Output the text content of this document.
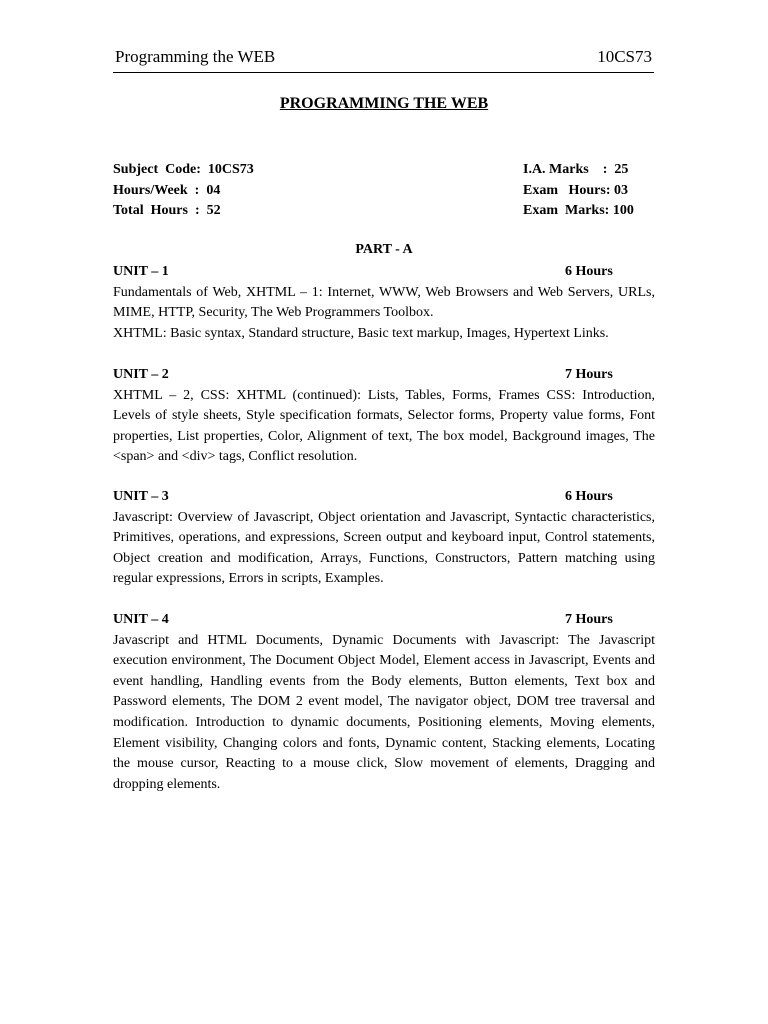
Programming the WEB	10CS73
PROGRAMMING THE WEB
Subject  Code:  10CS73
Hours/Week  :  04
Total  Hours  :  52
I.A. Marks    :  25
Exam   Hours: 03
Exam  Marks: 100
PART - A
UNIT – 1	6 Hours

Fundamentals of Web, XHTML – 1: Internet, WWW, Web Browsers and Web Servers, URLs, MIME, HTTP, Security, The Web Programmers Toolbox.

XHTML: Basic syntax, Standard structure, Basic text markup, Images, Hypertext Links.

UNIT – 2	7 Hours

XHTML – 2, CSS: XHTML (continued): Lists, Tables, Forms, Frames CSS: Introduction, Levels of style sheets, Style specification formats, Selector forms, Property value forms, Font properties, List properties, Color, Alignment of text, The box model, Background images, The <span> and <div> tags, Conflict resolution.

UNIT – 3	6 Hours

Javascript: Overview of Javascript, Object orientation and Javascript, Syntactic characteristics, Primitives, operations, and expressions, Screen output and keyboard input, Control statements, Object creation and modification, Arrays, Functions, Constructors, Pattern matching using regular expressions, Errors in scripts, Examples.

UNIT – 4	7 Hours

Javascript and HTML Documents, Dynamic Documents with Javascript: The Javascript execution environment, The Document Object Model, Element access in Javascript, Events and event handling, Handling events from the Body elements, Button elements, Text box and Password elements, The DOM 2 event model, The navigator object, DOM tree traversal and modification. Introduction to dynamic documents, Positioning elements, Moving elements, Element visibility, Changing colors and fonts, Dynamic content, Stacking elements, Locating the mouse cursor, Reacting to a mouse click, Slow movement of elements, Dragging and dropping elements.
